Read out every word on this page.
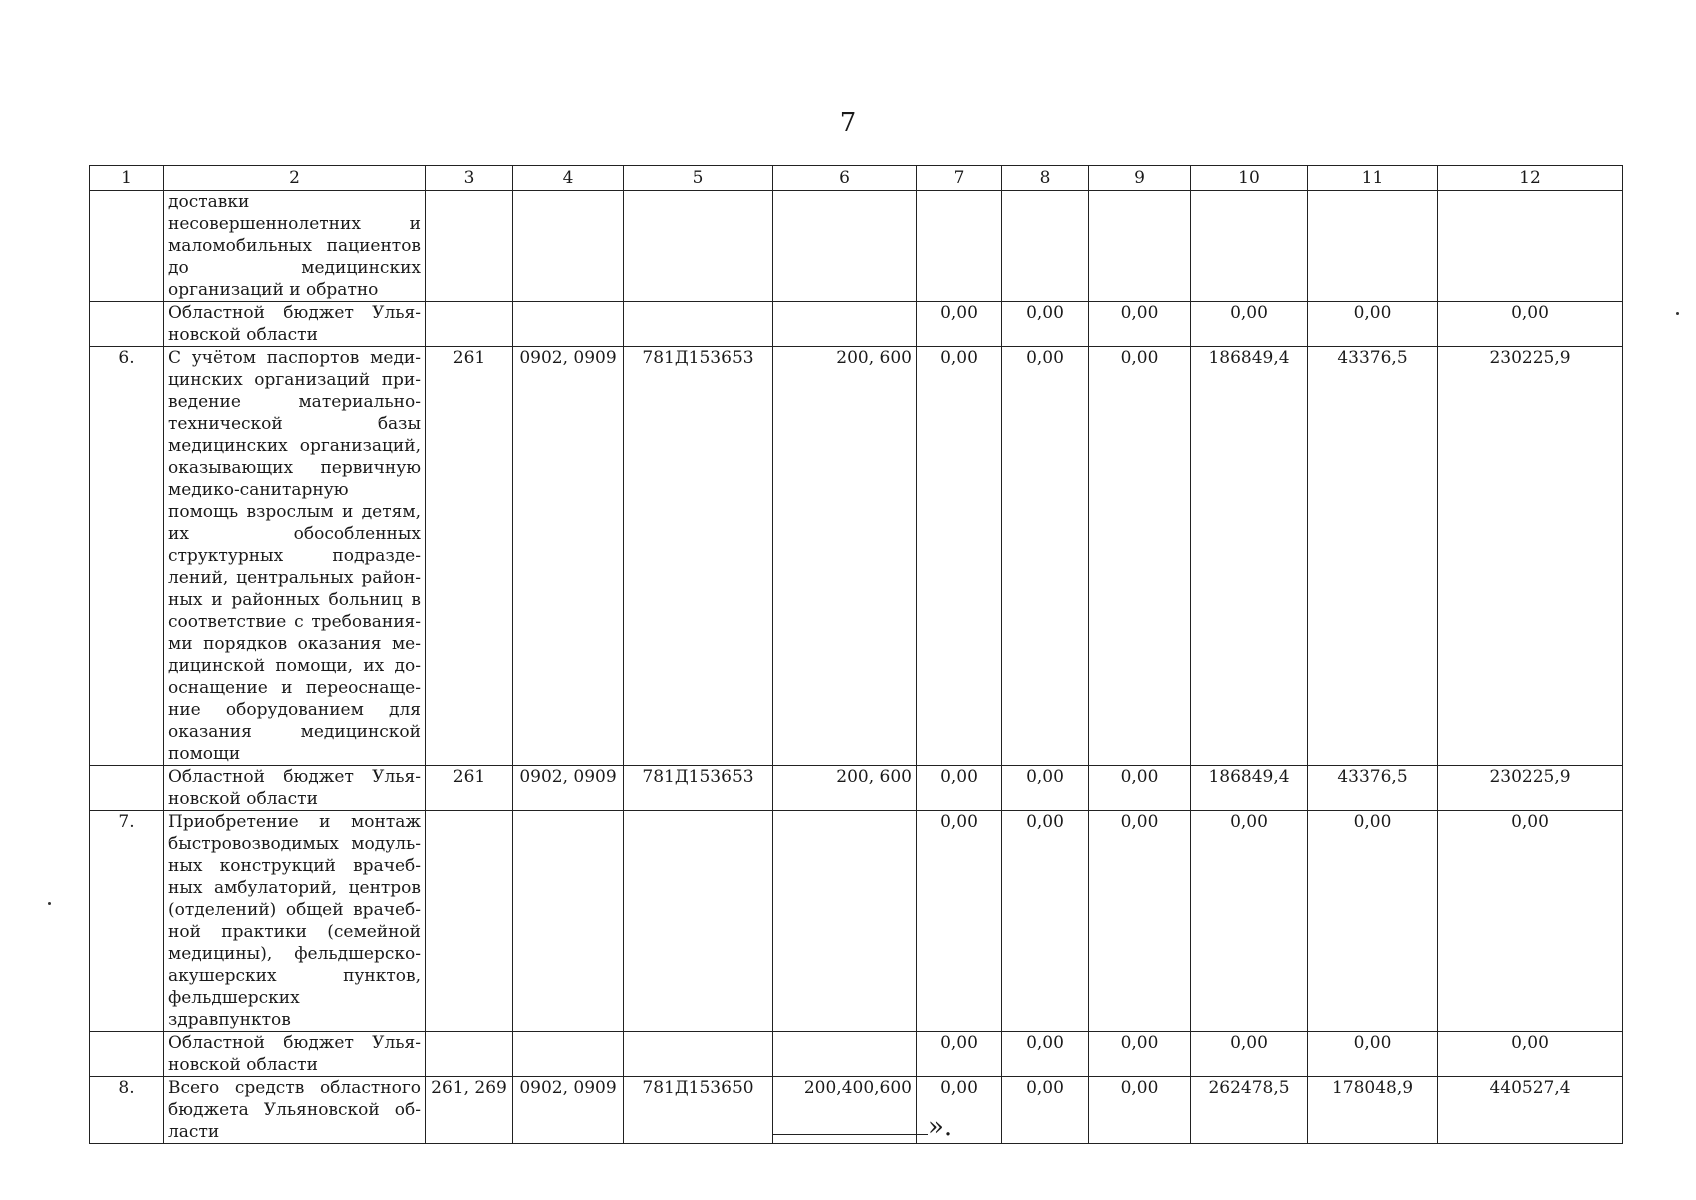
7
1	2	3	4	5	6	7	8	9	10	11	12
	доставки несовершеннолетних и маломобильных пациентов до медицинских организаций и обратно										
	Областной бюджет Ульяновской области					0,00	0,00	0,00	0,00	0,00	0,00
6.	С учётом паспортов медицинских организаций приведение материально-технической базы медицинских организаций, оказывающих первичную медико-санитарную помощь взрослым и детям, их обособленных структурных подразделений, центральных районных и районных больниц в соответствие с требованиями порядков оказания медицинской помощи, их дооснащение и переоснащение оборудованием для оказания медицинской помощи	261	0902, 0909	781Д153653	200, 600	0,00	0,00	0,00	186849,4	43376,5	230225,9
	Областной бюджет Ульяновской области	261	0902, 0909	781Д153653	200, 600	0,00	0,00	0,00	186849,4	43376,5	230225,9
7.	Приобретение и монтаж быстровозводимых модульных конструкций врачебных амбулаторий, центров (отделений) общей врачебной практики (семейной медицины), фельдшерско-акушерских пунктов, фельдшерских здравпунктов					0,00	0,00	0,00	0,00	0,00	0,00
	Областной бюджет Ульяновской области					0,00	0,00	0,00	0,00	0,00	0,00
8.	Всего средств областного бюджета Ульяновской области	261, 269	0902, 0909	781Д153650	200,400,600	0,00	0,00	0,00	262478,5	178048,9	440527,4
».
